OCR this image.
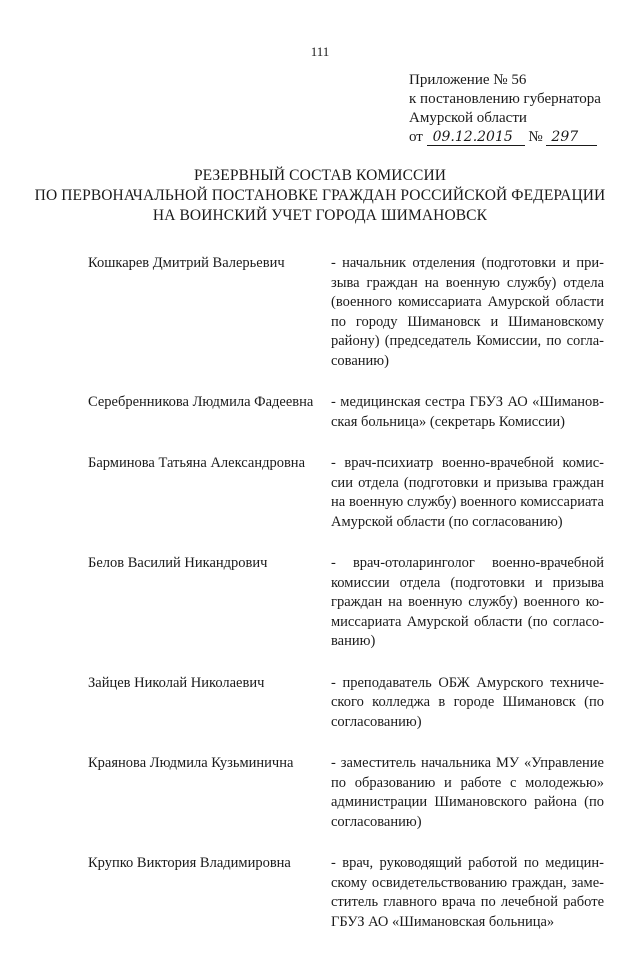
111
Приложение № 56
к постановлению губернатора
Амурской области
от 09.12.2015 № 297
РЕЗЕРВНЫЙ СОСТАВ КОМИССИИ
ПО ПЕРВОНАЧАЛЬНОЙ ПОСТАНОВКЕ ГРАЖДАН РОССИЙСКОЙ ФЕДЕРАЦИИ
НА ВОИНСКИЙ УЧЕТ ГОРОДА ШИМАНОВСК
Кошкарев Дмитрий Валерьевич	- начальник отделения (подготовки и призыва граждан на военную службу) отдела (военного комиссариата Амурской области по городу Шимановск и Шимановскому району) (председатель Комиссии, по согласованию)
Серебренникова Людмила Фадеевна	- медицинская сестра ГБУЗ АО «Шимановская больница» (секретарь Комиссии)
Барминова Татьяна Александровна	- врач-психиатр военно-врачебной комиссии отдела (подготовки и призыва граждан на военную службу) военного комиссариата Амурской области (по согласованию)
Белов Василий Никандрович	- врач-отоларинголог военно-врачебной комиссии отдела (подготовки и призыва граждан на военную службу) военного комиссариата Амурской области (по согласованию)
Зайцев Николай Николаевич	- преподаватель ОБЖ Амурского технического колледжа в городе Шимановск (по согласованию)
Краянова Людмила Кузьминична	- заместитель начальника МУ «Управление по образованию и работе с молодежью» администрации Шимановского района (по согласованию)
Крупко Виктория Владимировна	- врач, руководящий работой по медицинскому освидетельствованию граждан, заместитель главного врача по лечебной работе ГБУЗ АО «Шимановская больница»
